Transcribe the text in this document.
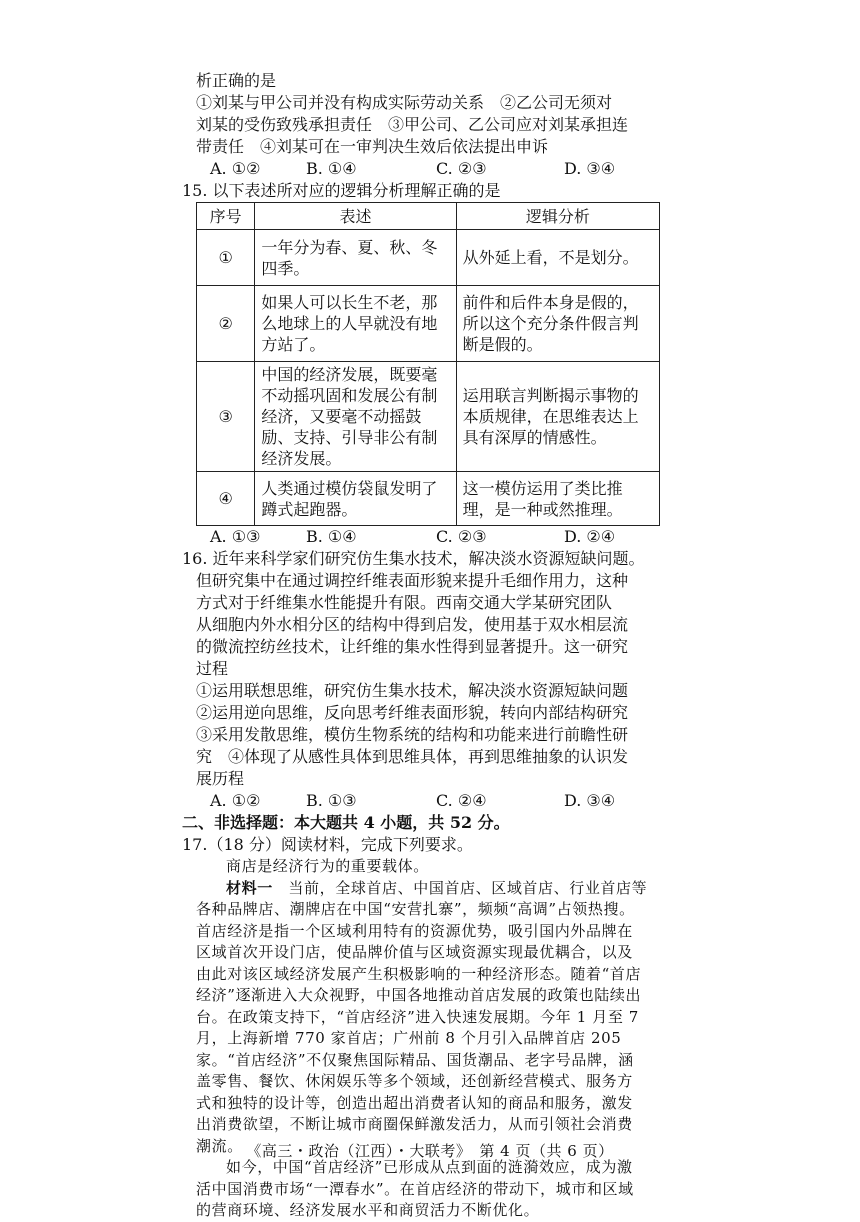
析正确的是
①刘某与甲公司并没有构成实际劳动关系　②乙公司无须对
刘某的受伤致残承担责任　③甲公司、乙公司应对刘某承担连
带责任　④刘某可在一审判决生效后依法提出申诉
A. ①②	B. ①④	C. ②③	D. ③④
15. 以下表述所对应的逻辑分析理解正确的是
序号	表述	逻辑分析
①	一年分为春、夏、秋、冬四季。	从外延上看，不是划分。
②	如果人可以长生不老，那么地球上的人早就没有地方站了。	前件和后件本身是假的，所以这个充分条件假言判断是假的。
③	中国的经济发展，既要毫不动摇巩固和发展公有制经济，又要毫不动摇鼓励、支持、引导非公有制经济发展。	运用联言判断揭示事物的本质规律，在思维表达上具有深厚的情感性。
④	人类通过模仿袋鼠发明了蹲式起跑器。	这一模仿运用了类比推理，是一种或然推理。
A. ①③	B. ①④	C. ②③	D. ②④
16. 近年来科学家们研究仿生集水技术，解决淡水资源短缺问题。
但研究集中在通过调控纤维表面形貌来提升毛细作用力，这种
方式对于纤维集水性能提升有限。西南交通大学某研究团队
从细胞内外水相分区的结构中得到启发，使用基于双水相层流
的微流控纺丝技术，让纤维的集水性得到显著提升。这一研究
过程
①运用联想思维，研究仿生集水技术，解决淡水资源短缺问题
②运用逆向思维，反向思考纤维表面形貌，转向内部结构研究
③采用发散思维，模仿生物系统的结构和功能来进行前瞻性研
究　④体现了从感性具体到思维具体，再到思维抽象的认识发
展历程
A. ①②	B. ①③	C. ②④	D. ③④
二、非选择题：本大题共 4 小题，共 52 分。
17.（18 分）阅读材料，完成下列要求。

商店是经济行为的重要载体。

材料一　 当前，全球首店、中国首店、区域首店、行业首店等各种品牌店、潮牌店在中国“安营扎寨”，频频“高调”占领热搜。首店经济是指一个区域利用特有的资源优势，吸引国内外品牌在区域首次开设门店，使品牌价值与区域资源实现最优耦合，以及由此对该区域经济发展产生积极影响的一种经济形态。随着“首店经济”逐渐进入大众视野，中国各地推动首店发展的政策也陆续出台。在政策支持下，“首店经济”进入快速发展期。今年 1 月至 7 月，上海新增 770 家首店；广州前 8 个月引入品牌首店 205 家。“首店经济”不仅聚焦国际精品、国货潮品、老字号品牌，涵盖零售、餐饮、休闲娱乐等多个领域，还创新经营模式、服务方式和独特的设计等，创造出超出消费者认知的商品和服务，激发出消费欲望，不断让城市商圈保鲜激发活力，从而引领社会消费潮流。

如今，中国“首店经济”已形成从点到面的涟漪效应，成为激活中国消费市场“一潭春水”。在首店经济的带动下，城市和区域的营商环境、经济发展水平和商贸活力不断优化。

《高三・政治（江西）・大联考》　第 4 页（共 6 页）
